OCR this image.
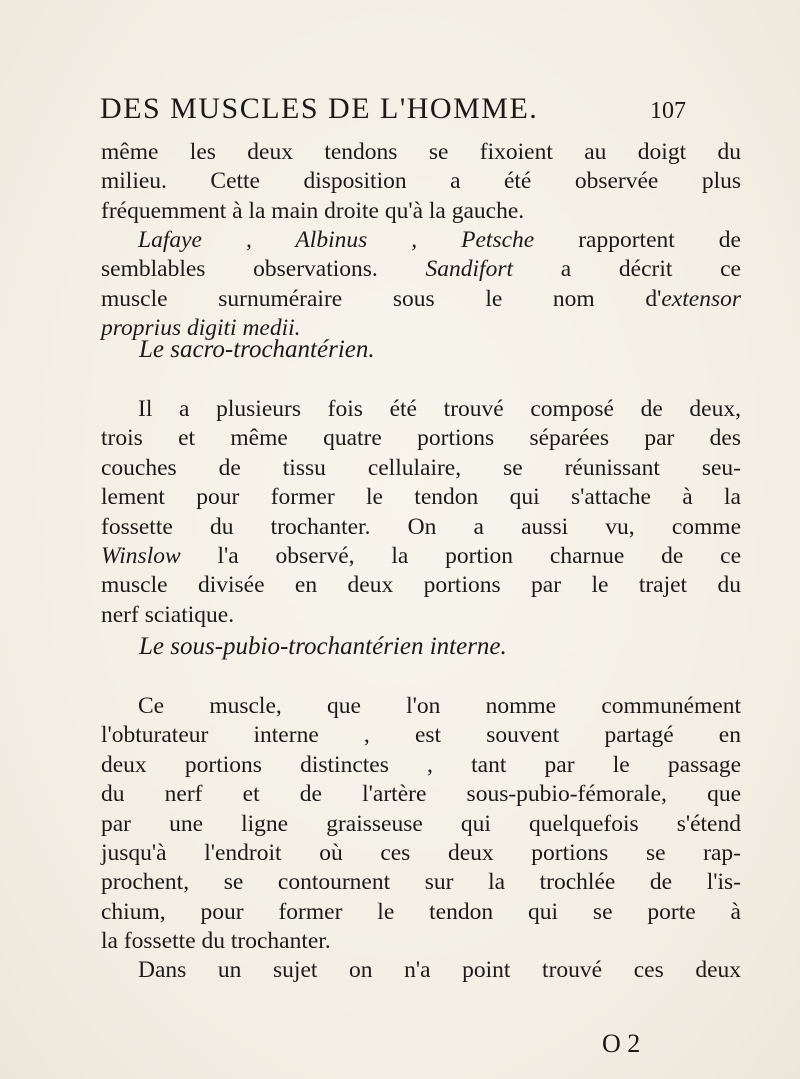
DES MUSCLES DE L'HOMME.	107
même les deux tendons se fixoient au doigt du
milieu. Cette disposition a été observée plus
fréquemment à la main droite qu'à la gauche.
Lafaye , Albinus , Petsche rapportent de
semblables observations. Sandifort a décrit ce
muscle surnuméraire sous le nom d'extensor
proprius digiti medii.
Le sacro-trochantérien.
Il a plusieurs fois été trouvé composé de deux,
trois et même quatre portions séparées par des
couches de tissu cellulaire, se réunissant seu-
lement pour former le tendon qui s'attache à la
fossette du trochanter. On a aussi vu, comme
Winslow l'a observé, la portion charnue de ce
muscle divisée en deux portions par le trajet du
nerf sciatique.
Le sous-pubio-trochantérien interne.
Ce muscle, que l'on nomme communément
l'obturateur interne , est souvent partagé en
deux portions distinctes , tant par le passage
du nerf et de l'artère sous-pubio-fémorale, que
par une ligne graisseuse qui quelquefois s'étend
jusqu'à l'endroit où ces deux portions se rap-
prochent, se contournent sur la trochlée de l'is-
chium, pour former le tendon qui se porte à
la fossette du trochanter.
Dans un sujet on n'a point trouvé ces deux
O 2
